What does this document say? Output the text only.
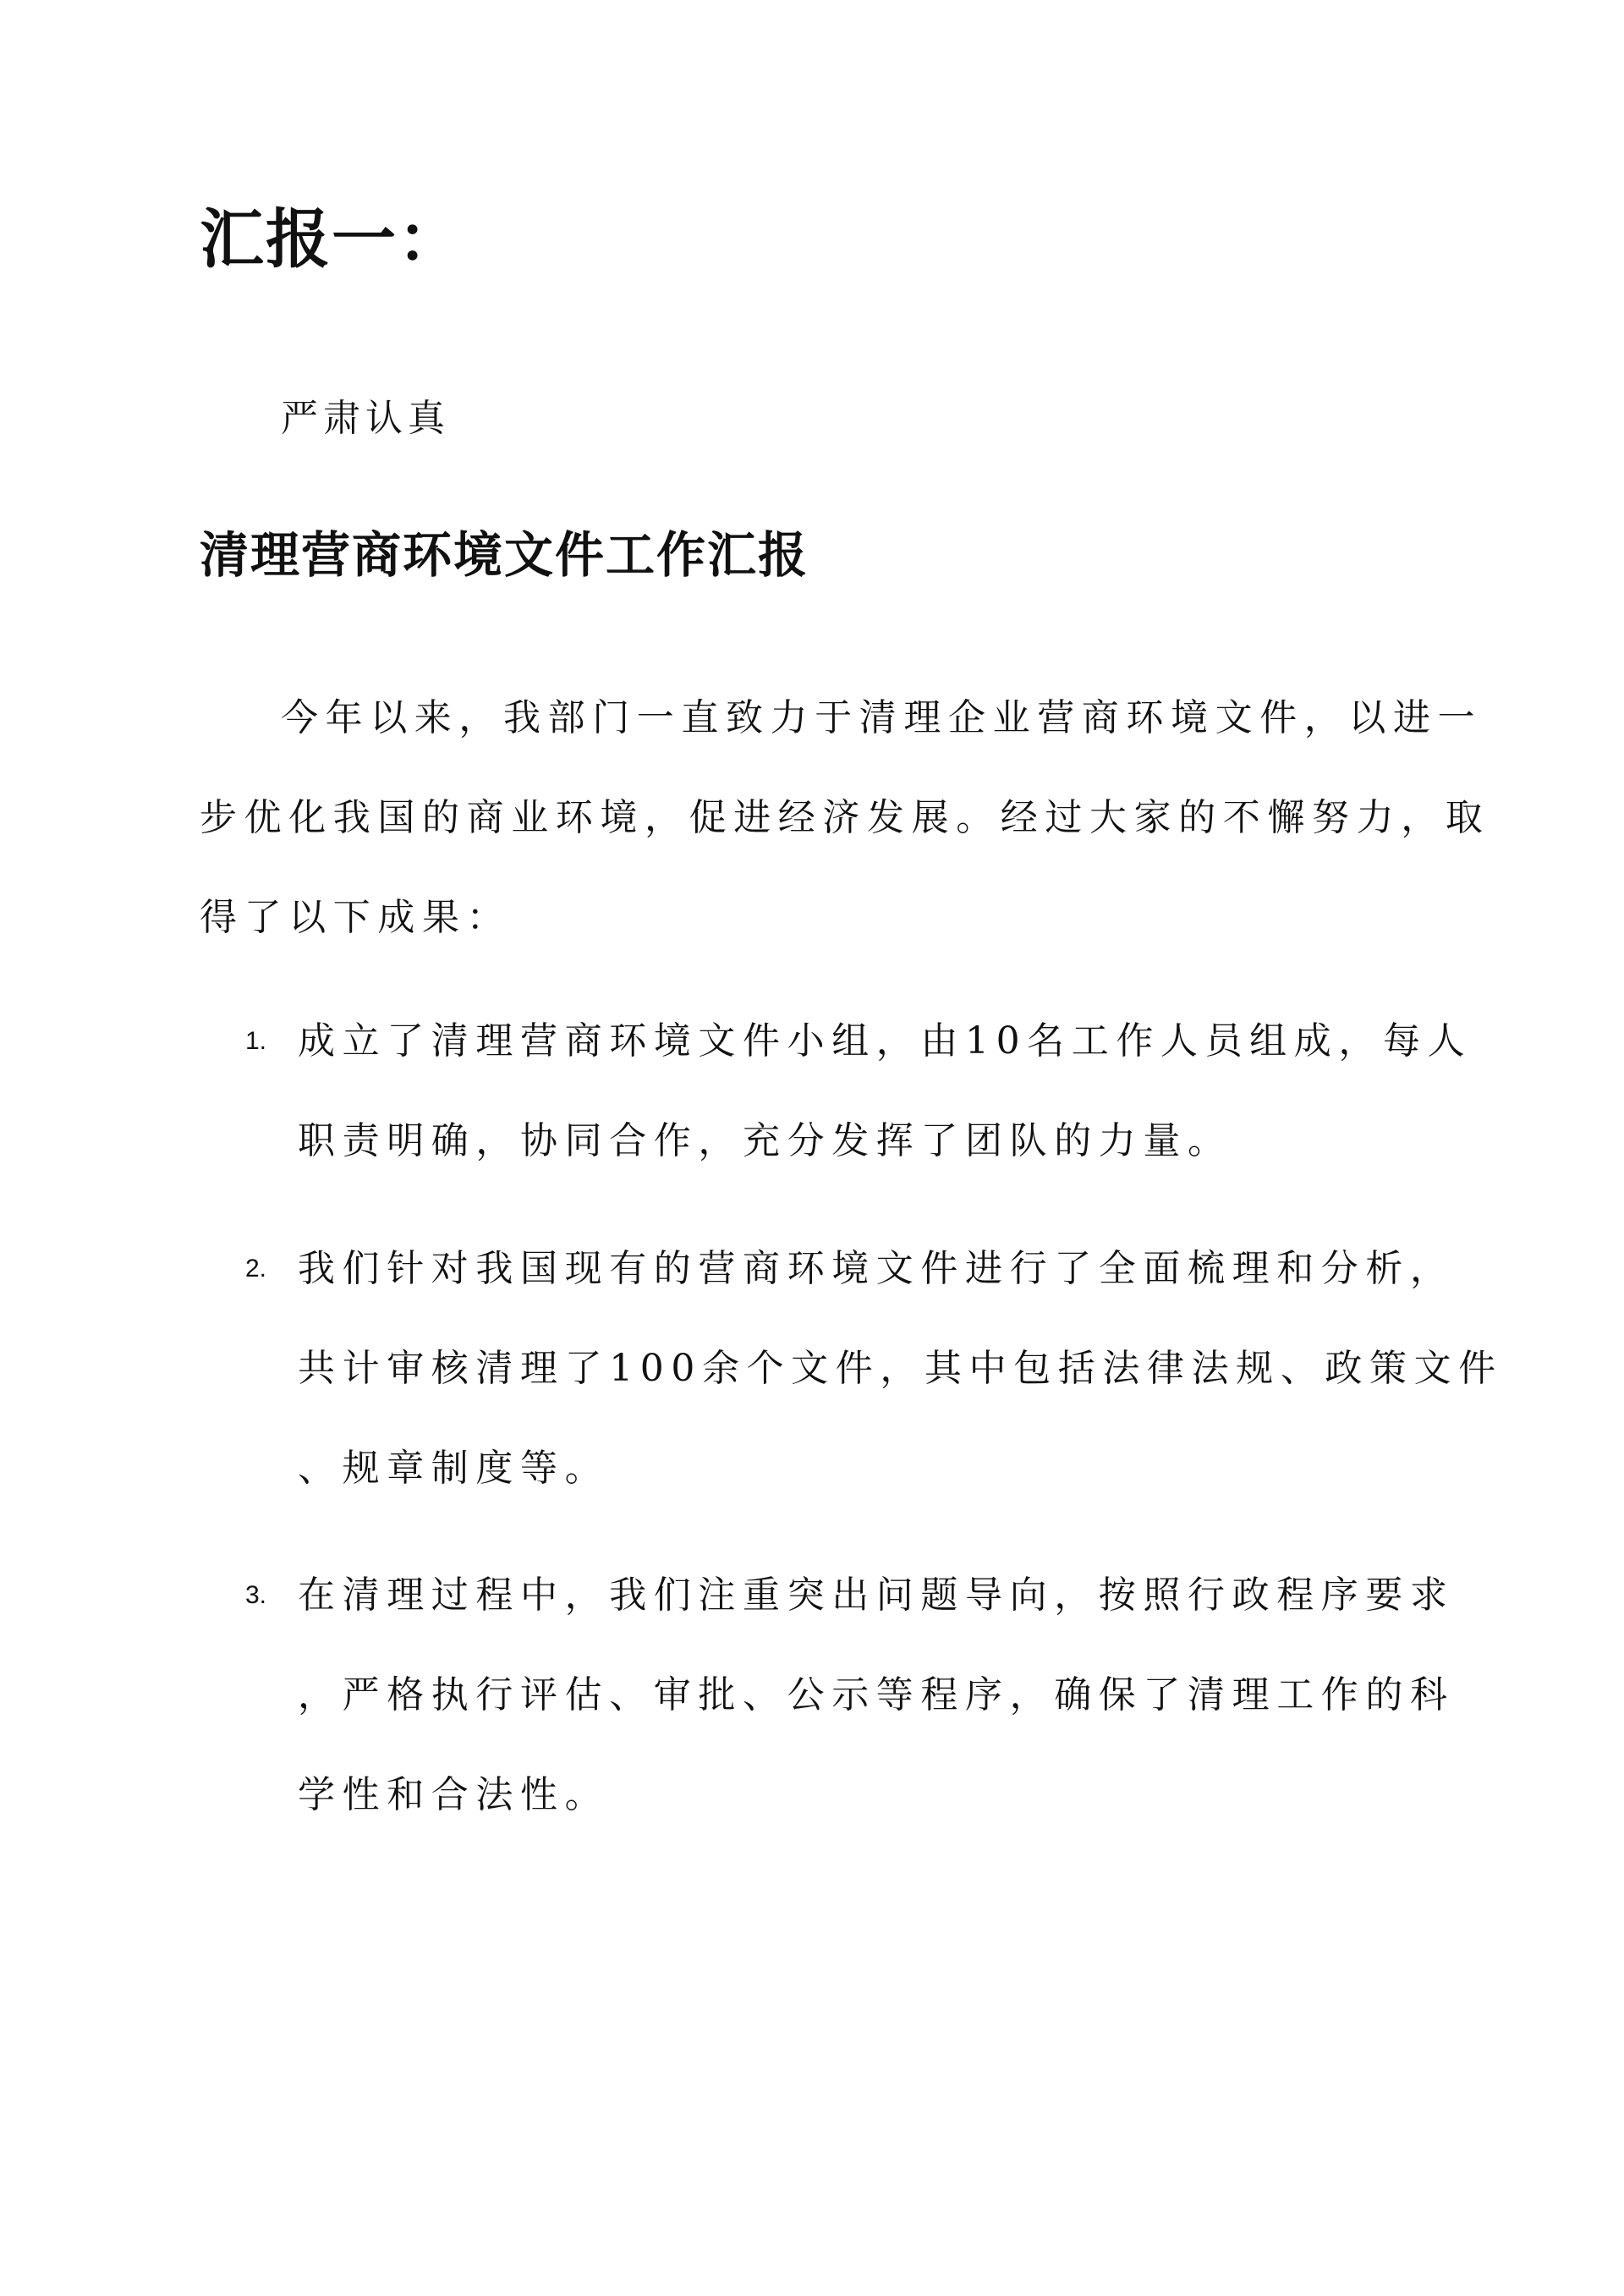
汇报一：

严肃认真

清理营商环境文件工作汇报

今年以来，我部门一直致力于清理企业营商环境文件，以进一
步优化我国的商业环境，促进经济发展。经过大家的不懈努力，取
得了以下成果：

1. 成立了清理营商环境文件小组，由10名工作人员组成，每人
职责明确，协同合作，充分发挥了团队的力量。
2. 我们针对我国现有的营商环境文件进行了全面梳理和分析，
共计审核清理了100余个文件，其中包括法律法规、政策文件
、规章制度等。
3. 在清理过程中，我们注重突出问题导向，按照行政程序要求
，严格执行评估、审批、公示等程序，确保了清理工作的科
学性和合法性。
